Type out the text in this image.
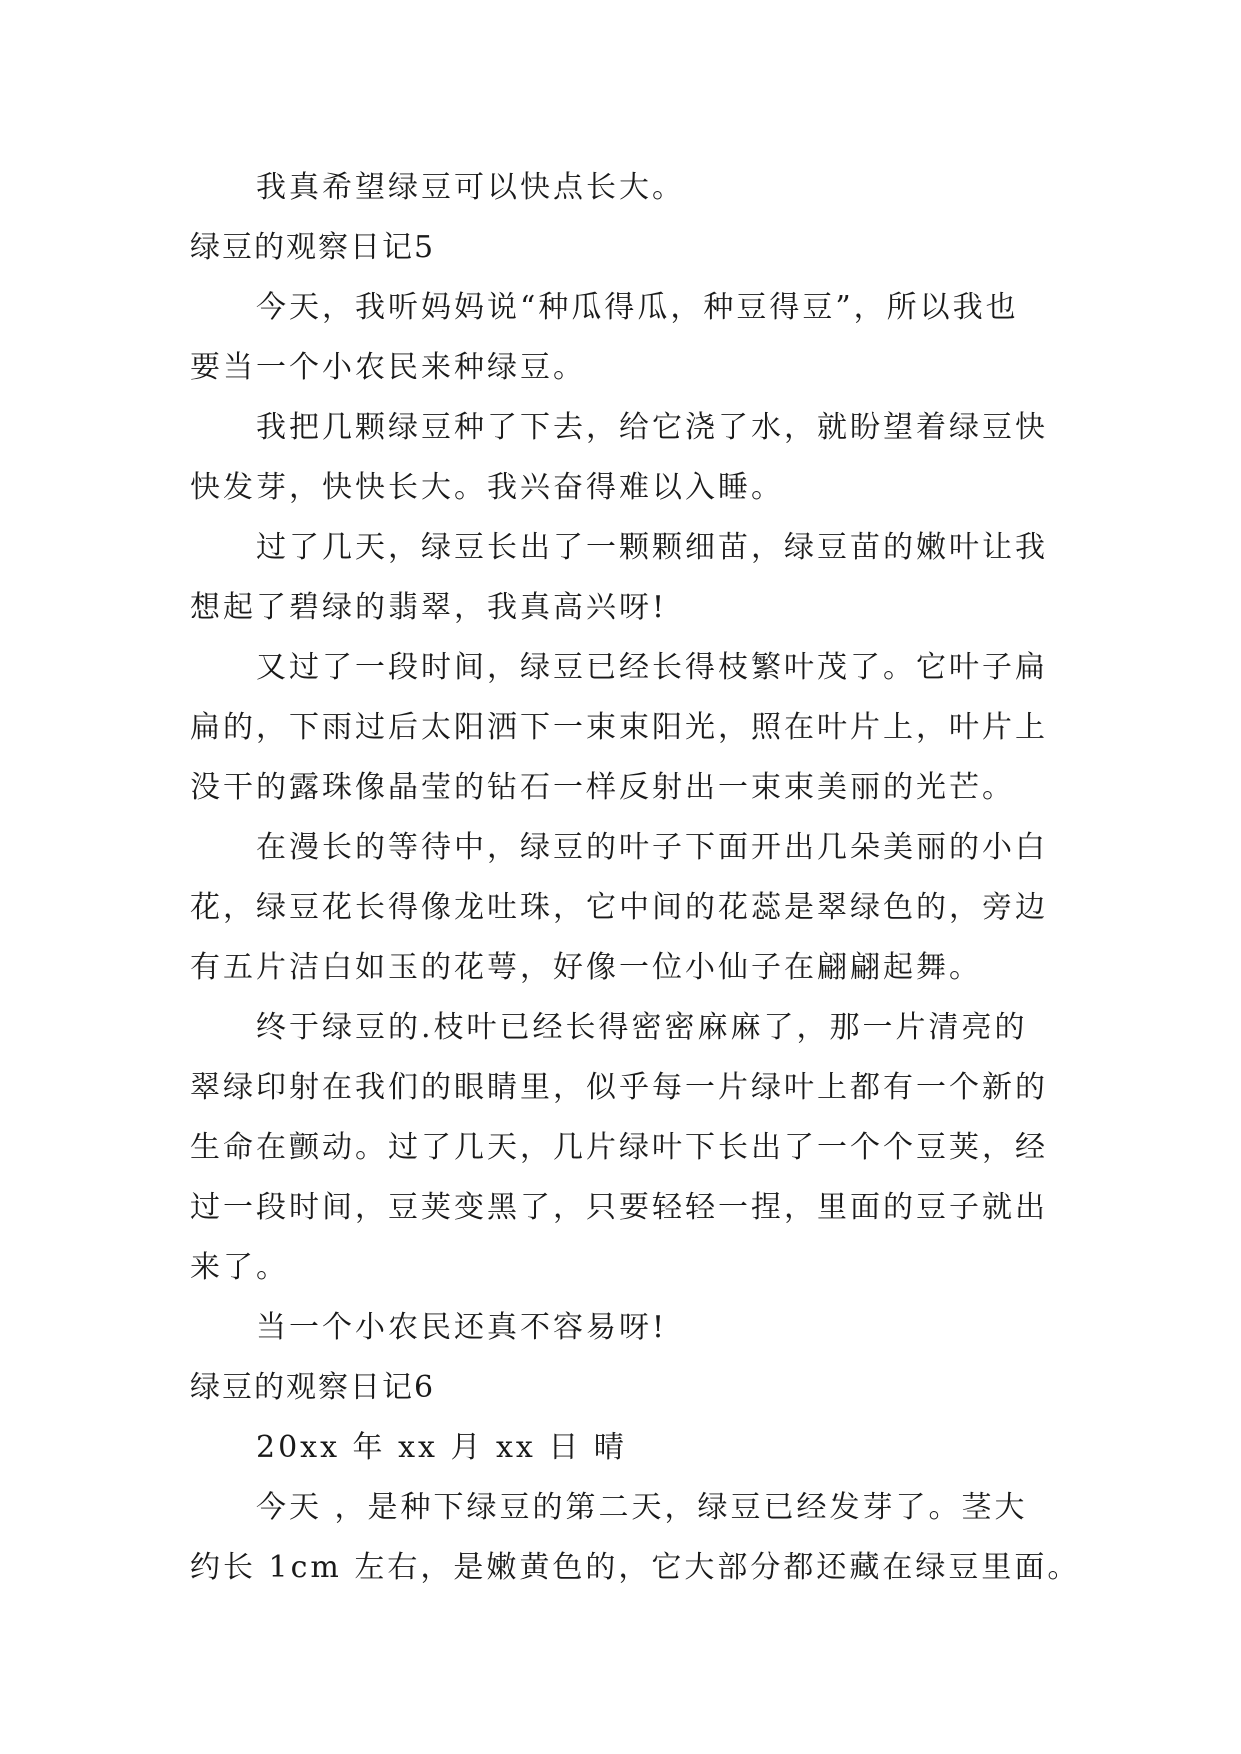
我真希望绿豆可以快点长大。
绿豆的观察日记5
今天，我听妈妈说“种瓜得瓜，种豆得豆”，所以我也
要当一个小农民来种绿豆。
我把几颗绿豆种了下去，给它浇了水，就盼望着绿豆快
快发芽，快快长大。我兴奋得难以入睡。
过了几天，绿豆长出了一颗颗细苗，绿豆苗的嫩叶让我
想起了碧绿的翡翠，我真高兴呀!
又过了一段时间，绿豆已经长得枝繁叶茂了。它叶子扁
扁的，下雨过后太阳洒下一束束阳光，照在叶片上，叶片上
没干的露珠像晶莹的钻石一样反射出一束束美丽的光芒。
在漫长的等待中，绿豆的叶子下面开出几朵美丽的小白
花，绿豆花长得像龙吐珠，它中间的花蕊是翠绿色的，旁边
有五片洁白如玉的花萼，好像一位小仙子在翩翩起舞。
终于绿豆的.枝叶已经长得密密麻麻了，那一片清亮的
翠绿印射在我们的眼睛里，似乎每一片绿叶上都有一个新的
生命在颤动。过了几天，几片绿叶下长出了一个个豆荚，经
过一段时间，豆荚变黑了，只要轻轻一捏，里面的豆子就出
来了。
当一个小农民还真不容易呀!
绿豆的观察日记6
20xx 年 xx 月 xx 日 晴
今天 ，是种下绿豆的第二天，绿豆已经发芽了。茎大
约长 1cm 左右，是嫩黄色的，它大部分都还藏在绿豆里面。
